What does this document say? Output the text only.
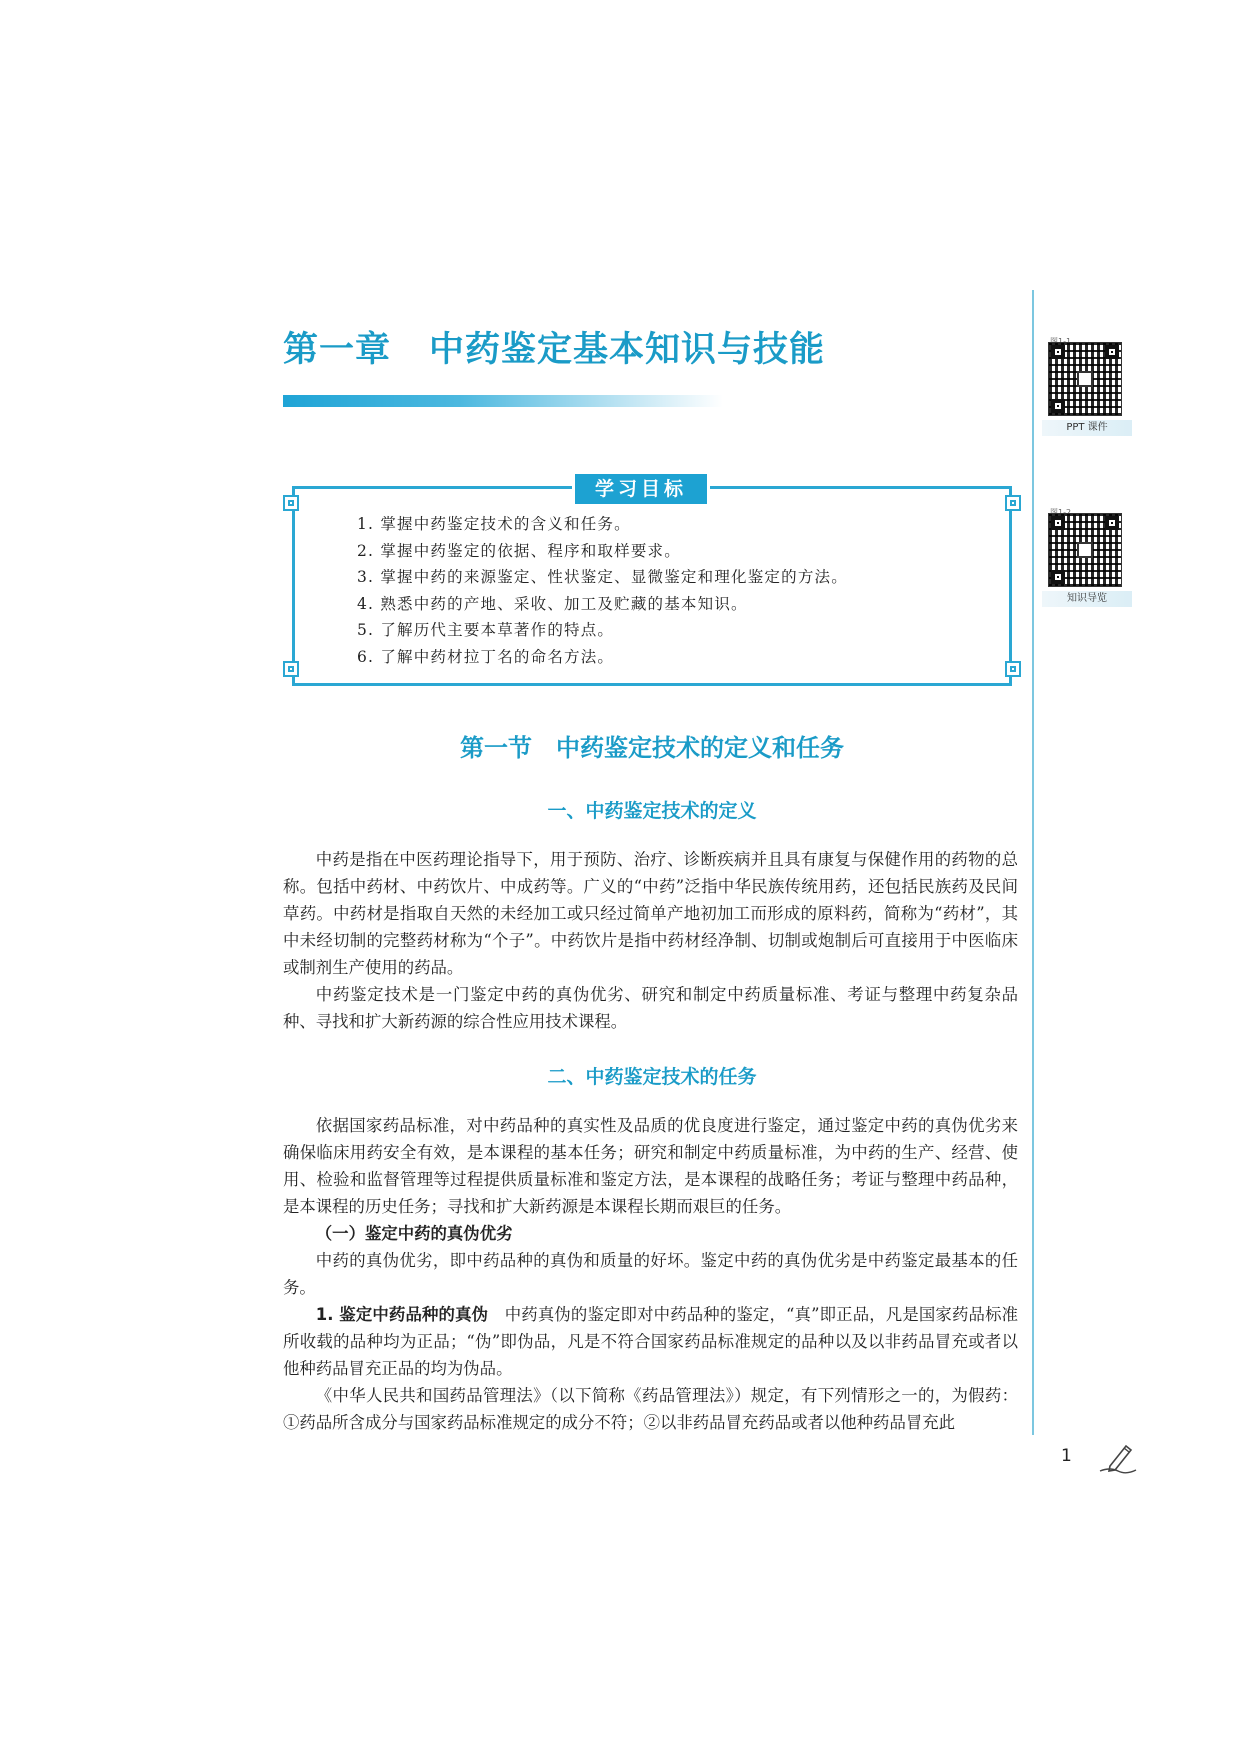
第一章 中药鉴定基本知识与技能
PPT 课件
知识导览
学习目标
1. 掌握中药鉴定技术的含义和任务。
2. 掌握中药鉴定的依据、程序和取样要求。
3. 掌握中药的来源鉴定、性状鉴定、显微鉴定和理化鉴定的方法。
4. 熟悉中药的产地、采收、加工及贮藏的基本知识。
5. 了解历代主要本草著作的特点。
6. 了解中药材拉丁名的命名方法。
第一节 中药鉴定技术的定义和任务
一、中药鉴定技术的定义

中药是指在中医药理论指导下，用于预防、治疗、诊断疾病并且具有康复与保健作用的药物的总称。包括中药材、中药饮片、中成药等。广义的“中药”泛指中华民族传统用药，还包括民族药及民间草药。中药材是指取自天然的未经加工或只经过简单产地初加工而形成的原料药，简称为“药材”，其中未经切制的完整药材称为“个子”。中药饮片是指中药材经净制、切制或炮制后可直接用于中医临床或制剂生产使用的药品。

中药鉴定技术是一门鉴定中药的真伪优劣、研究和制定中药质量标准、考证与整理中药复杂品种、寻找和扩大新药源的综合性应用技术课程。

二、中药鉴定技术的任务

依据国家药品标准，对中药品种的真实性及品质的优良度进行鉴定，通过鉴定中药的真伪优劣来确保临床用药安全有效，是本课程的基本任务；研究和制定中药质量标准，为中药的生产、经营、使用、检验和监督管理等过程提供质量标准和鉴定方法，是本课程的战略任务；考证与整理中药品种，是本课程的历史任务；寻找和扩大新药源是本课程长期而艰巨的任务。

（一）鉴定中药的真伪优劣

中药的真伪优劣，即中药品种的真伪和质量的好坏。鉴定中药的真伪优劣是中药鉴定最基本的任务。

1. 鉴定中药品种的真伪　 中药真伪的鉴定即对中药品种的鉴定，“真”即正品，凡是国家药品标准所收载的品种均为正品；“伪”即伪品，凡是不符合国家药品标准规定的品种以及以非药品冒充或者以他种药品冒充正品的均为伪品。

《中华人民共和国药品管理法》（以下简称《药品管理法》）规定，有下列情形之一的，为假药：①药品所含成分与国家药品标准规定的成分不符；②以非药品冒充药品或者以他种药品冒充此

1
